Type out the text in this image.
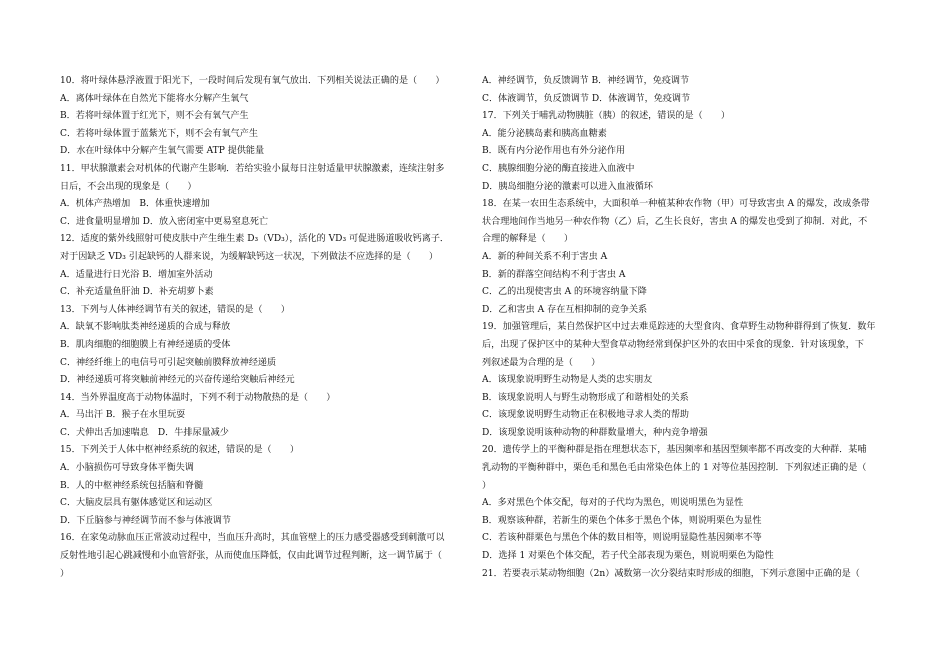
10．将叶绿体悬浮液置于阳光下，一段时间后发现有氧气放出．下列相关说法正确的是（　　）
A．离体叶绿体在自然光下能将水分解产生氧气
B．若将叶绿体置于红光下，则不会有氧气产生
C．若将叶绿体置于蓝紫光下，则不会有氧气产生
D．水在叶绿体中分解产生氧气需要 ATP 提供能量
11．甲状腺激素会对机体的代谢产生影响．若给实验小鼠每日注射适量甲状腺激素，连续注射多
日后，不会出现的现象是（　　）
A．机体产热增加　B．体重快速增加
C．进食量明显增加 D．放入密闭室中更易窒息死亡
12．适度的紫外线照射可使皮肤中产生维生素 D₃（VD₃），活化的 VD₃ 可促进肠道吸收钙离子．
对于因缺乏 VD₃ 引起缺钙的人群来说，为缓解缺钙这一状况，下列做法不应选择的是（　　）
A．适量进行日光浴 B．增加室外活动
C．补充适量鱼肝油 D．补充胡萝卜素
13．下列与人体神经调节有关的叙述，错误的是（　　）
A．缺氧不影响肽类神经递质的合成与释放
B．肌肉细胞的细胞膜上有神经递质的受体
C．神经纤维上的电信号可引起突触前膜释放神经递质
D．神经递质可将突触前神经元的兴奋传递给突触后神经元
14．当外界温度高于动物体温时，下列不利于动物散热的是（　　）
A．马出汗 B．猴子在水里玩耍
C．犬伸出舌加速喘息　D．牛排尿量减少
15．下列关于人体中枢神经系统的叙述，错误的是（　　）
A．小脑损伤可导致身体平衡失调
B．人的中枢神经系统包括脑和脊髓
C．大脑皮层具有躯体感觉区和运动区
D．下丘脑参与神经调节而不参与体液调节
16．在家兔动脉血压正常波动过程中，当血压升高时，其血管壁上的压力感受器感受到刺激可以
反射性地引起心跳减慢和小血管舒张，从而使血压降低，仅由此调节过程判断，这一调节属于（
）
A．神经调节，负反馈调节 B．神经调节，免疫调节
C．体液调节，负反馈调节 D．体液调节，免疫调节
17．下列关于哺乳动物胰脏（胰）的叙述，错误的是（　　）
A．能分泌胰岛素和胰高血糖素
B．既有内分泌作用也有外分泌作用
C．胰腺细胞分泌的酶直接进入血液中
D．胰岛细胞分泌的激素可以进入血液循环
18．在某一农田生态系统中，大面积单一种植某种农作物（甲）可导致害虫 A 的爆发，改成条带
状合理地间作当地另一种农作物（乙）后，乙生长良好，害虫 A 的爆发也受到了抑制．对此，不
合理的解释是（　　）
A．新的种间关系不利于害虫 A
B．新的群落空间结构不利于害虫 A
C．乙的出现使害虫 A 的环境容纳量下降
D．乙和害虫 A 存在互相抑制的竞争关系
19．加强管理后，某自然保护区中过去难觅踪迹的大型食肉、食草野生动物种群得到了恢复．数年
后，出现了保护区中的某种大型食草动物经常到保护区外的农田中采食的现象．针对该现象，下
列叙述最为合理的是（　　）
A．该现象说明野生动物是人类的忠实朋友
B．该现象说明人与野生动物形成了和谐相处的关系
C．该现象说明野生动物正在积极地寻求人类的帮助
D．该现象说明该种动物的种群数量增大，种内竞争增强
20．遗传学上的平衡种群是指在理想状态下，基因频率和基因型频率都不再改变的大种群．某哺
乳动物的平衡种群中，栗色毛和黑色毛由常染色体上的 1 对等位基因控制．下列叙述正确的是（
）
A．多对黑色个体交配，每对的子代均为黑色，则说明黑色为显性
B．观察该种群，若新生的栗色个体多于黑色个体，则说明栗色为显性
C．若该种群栗色与黑色个体的数目相等，则说明显隐性基因频率不等
D．选择 1 对栗色个体交配，若子代全部表现为栗色，则说明栗色为隐性
21．若要表示某动物细胞（2n）减数第一次分裂结束时形成的细胞，下列示意图中正确的是（
